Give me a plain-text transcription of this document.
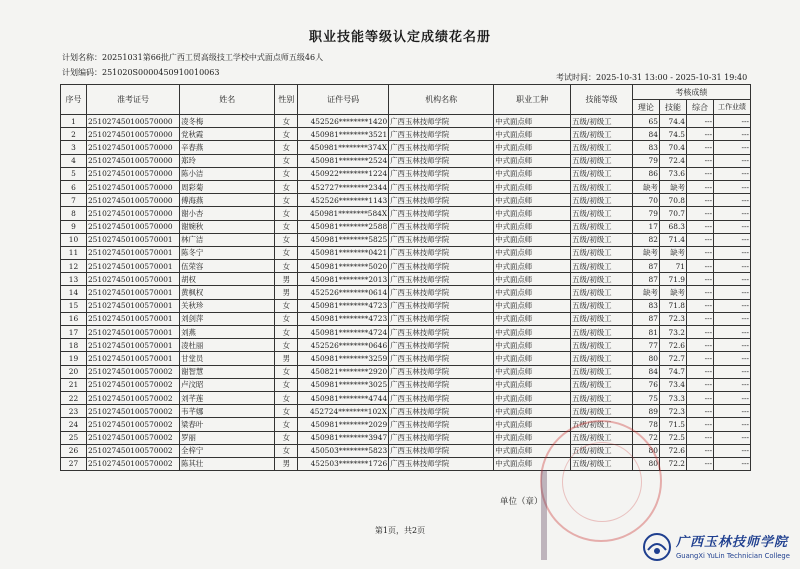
职业技能等级认定成绩花名册
计划名称：20251031第66批广西工贸高级技工学校中式面点师五级46人
计划编码：251020S0000450910010063
考试时间：2025-10-31 13:00 - 2025-10-31 19:40
序号	准考证号	姓名	性别	证件号码	机构名称	职业工种	技能等级	考核成绩			
								理论	技能	综合	工作业绩
1	251027450100570000	凌冬梅	女	452526********1420	广西玉林技师学院	中式面点师	五级/初级工	65	74.4	---	---
2	251027450100570000	党秋霞	女	450981********3521	广西玉林技师学院	中式面点师	五级/初级工	84	74.5	---	---
3	251027450100570000	辛春燕	女	450981********374X	广西玉林技师学院	中式面点师	五级/初级工	83	70.4	---	---
4	251027450100570000	郑玲	女	450981********2524	广西玉林技师学院	中式面点师	五级/初级工	79	72.4	---	---
5	251027450100570000	陈小洁	女	450922********1224	广西玉林技师学院	中式面点师	五级/初级工	86	73.6	---	---
6	251027450100570000	周彩菊	女	452727********2344	广西玉林技师学院	中式面点师	五级/初级工	缺考	缺考	---	---
7	251027450100570000	傅海燕	女	452526********1143	广西玉林技师学院	中式面点师	五级/初级工	70	70.8	---	---
8	251027450100570000	谢小杏	女	450981********584X	广西玉林技师学院	中式面点师	五级/初级工	79	70.7	---	---
9	251027450100570000	谢婉秋	女	450981********2588	广西玉林技师学院	中式面点师	五级/初级工	17	68.3	---	---
10	251027450100570001	林广洁	女	450981********5825	广西玉林技师学院	中式面点师	五级/初级工	82	71.4	---	---
11	251027450100570001	陈冬宁	女	450981********0421	广西玉林技师学院	中式面点师	五级/初级工	缺考	缺考	---	---
12	251027450100570001	伍荣容	女	450981********5020	广西玉林技师学院	中式面点师	五级/初级工	87	71	---	---
13	251027450100570001	胡权	男	450981********2013	广西玉林技师学院	中式面点师	五级/初级工	87	71.9	---	---
14	251027450100570001	黄枫权	男	452526********0614	广西玉林技师学院	中式面点师	五级/初级工	缺考	缺考	---	---
15	251027450100570001	关秋珍	女	450981********4723	广西玉林技师学院	中式面点师	五级/初级工	83	71.8	---	---
16	251027450100570001	刘剑萍	女	450981********4723	广西玉林技师学院	中式面点师	五级/初级工	87	72.3	---	---
17	251027450100570001	刘燕	女	450981********4724	广西玉林技师学院	中式面点师	五级/初级工	81	73.2	---	---
18	251027450100570001	凌杜丽	女	452526********0646	广西玉林技师学院	中式面点师	五级/初级工	77	72.6	---	---
19	251027450100570001	甘堂员	男	450981********3259	广西玉林技师学院	中式面点师	五级/初级工	80	72.7	---	---
20	251027450100570002	谢智慧	女	450821********2920	广西玉林技师学院	中式面点师	五级/初级工	84	74.7	---	---
21	251027450100570002	卢汶昭	女	450981********3025	广西玉林技师学院	中式面点师	五级/初级工	76	73.4	---	---
22	251027450100570002	刘芊莲	女	450981********4744	广西玉林技师学院	中式面点师	五级/初级工	75	73.3	---	---
23	251027450100570002	韦芊娜	女	452724********102X	广西玉林技师学院	中式面点师	五级/初级工	89	72.3	---	---
24	251027450100570002	梁春叶	女	450981********2029	广西玉林技师学院	中式面点师	五级/初级工	78	71.5	---	---
25	251027450100570002	罗丽	女	450981********3947	广西玉林技师学院	中式面点师	五级/初级工	72	72.5	---	---
26	251027450100570002	全梓宁	女	450503********5823	广西玉林技师学院	中式面点师	五级/初级工	80	72.6	---	---
27	251027450100570002	陈其壮	男	452503********1726	广西玉林技师学院	中式面点师	五级/初级工	80	72.2	---	---
单位（章）
第1页，共2页
广西玉林技师学院
GuangXi YuLin Technician College
